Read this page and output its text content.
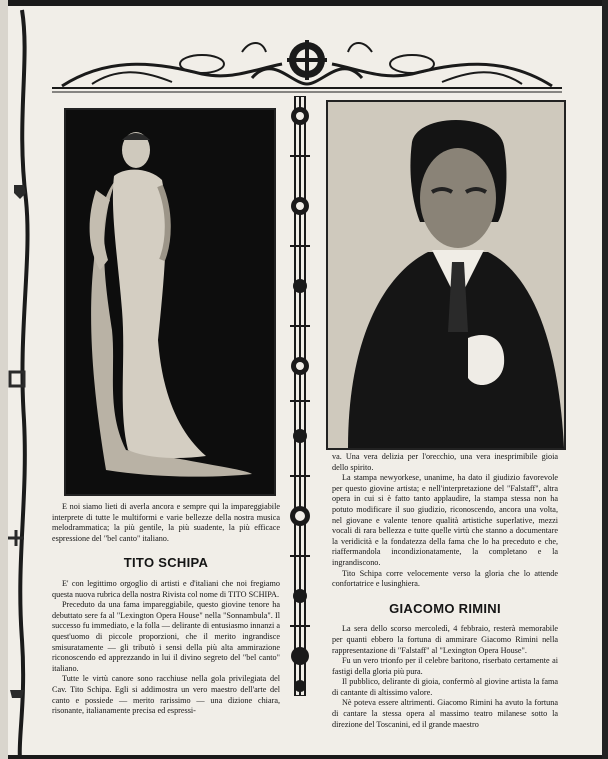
E noi siamo lieti di averla ancora e sempre qui la impareggiabile interprete di tutte le multiformi e varie bellezze della nostra musica melodrammatica; la più gentile, la più suadente, la più efficace espressione del "bel canto" italiano.

TITO SCHIPA

E' con legittimo orgoglio di artisti e d'italiani che noi fregiamo questa nuova rubrica della nostra Rivista col nome di TITO SCHIPA.

Preceduto da una fama impareggiabile, questo giovine tenore ha debuttato sere fa al "Lexington Opera House" nella "Sonnambula". Il successo fu immediato, e la folla — delirante di entusiasmo innanzi a quest'uomo di piccole proporzioni, che il merito ingrandisce smisuratamente — gli tributò i sensi della più alta ammirazione riconoscendo ed apprezzando in lui il divino segreto del "bel canto" italiano.

Tutte le virtù canore sono racchiuse nella gola privilegiata del Cav. Tito Schipa. Egli si addimostra un vero maestro dell'arte del canto e possiede — merito rarissimo — una dizione chiara, risonante, italianamente precisa ed espressi-

va. Una vera delizia per l'orecchio, una vera inesprimibile gioia dello spirito.

La stampa newyorkese, unanime, ha dato il giudizio favorevole per questo giovine artista; e nell'interpretazione del "Falstaff", altra opera in cui si è fatto tanto applaudire, la stampa stessa non ha potuto modificare il suo giudizio, riconoscendo, ancora una volta, nel giovane e valente tenore qualità artistiche superlative, mezzi vocali di rara bellezza e tutte quelle virtù che stanno a documentare la veridicità e la fondatezza della fama che lo ha preceduto e che, riaffermandola incondizionatamente, la completano e la ingrandiscono.

Tito Schipa corre velocemente verso la gloria che lo attende confortatrice e lusinghiera.

GIACOMO RIMINI

La sera dello scorso mercoledì, 4 febbraio, resterà memorabile per quanti ebbero la fortuna di ammirare Giacomo Rimini nella rappresentazione di "Falstaff" al "Lexington Opera House".

Fu un vero trionfo per il celebre baritono, riserbato certamente ai fastigi della gloria più pura.

Il pubblico, delirante di gioia, confermò al giovine artista la fama di cantante di altissimo valore.

Nè poteva essere altrimenti. Giacomo Rimini ha avuto la fortuna di cantare la stessa opera al massimo teatro milanese sotto la direzione del Toscanini, ed il grande maestro
